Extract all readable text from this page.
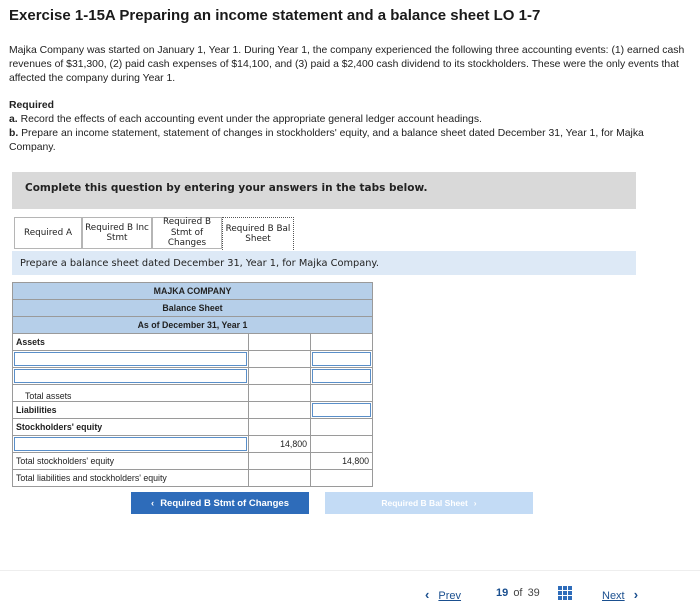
Exercise 1-15A Preparing an income statement and a balance sheet LO 1-7
Majka Company was started on January 1, Year 1. During Year 1, the company experienced the following three accounting events: (1) earned cash revenues of $31,300, (2) paid cash expenses of $14,100, and (3) paid a $2,400 cash dividend to its stockholders. These were the only events that affected the company during Year 1.
Required
a. Record the effects of each accounting event under the appropriate general ledger account headings.
b. Prepare an income statement, statement of changes in stockholders' equity, and a balance sheet dated December 31, Year 1, for Majka Company.
Complete this question by entering your answers in the tabs below.
Required A
Required B Inc
Stmt
Required B
Stmt of
Changes
Required B Bal
Sheet
Prepare a balance sheet dated December 31, Year 1, for Majka Company.
MAJKA COMPANY		
Balance Sheet		
As of December 31, Year 1		
Assets		

Total assets		
Liabilities		

Stockholders' equity		

	14,800	
Total stockholders' equity		14,800
Total liabilities and stockholders' equity		
‹ Required B Stmt of Changes	Required B Bal Sheet ›
‹ Prev	19 of 39	Next ›
